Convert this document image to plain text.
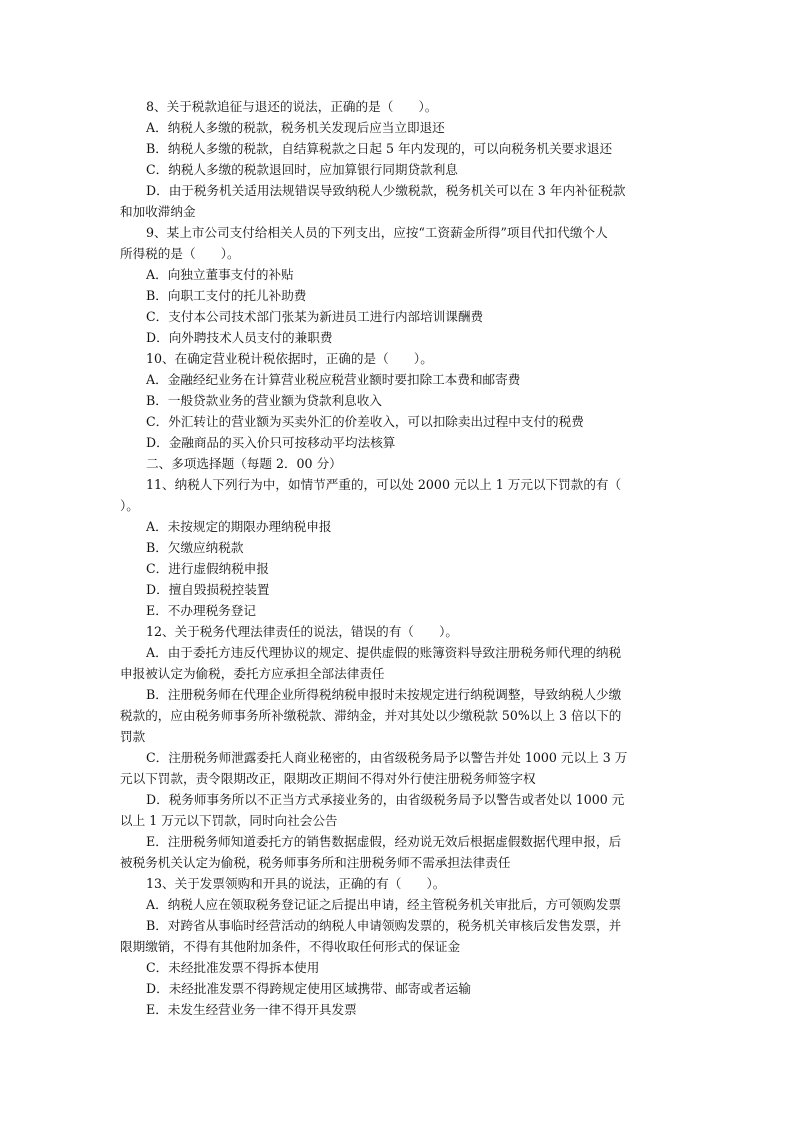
8、关于税款追征与退还的说法，正确的是（　　）。
A．纳税人多缴的税款，税务机关发现后应当立即退还
B．纳税人多缴的税款，自结算税款之日起 5 年内发现的，可以向税务机关要求退还
C．纳税人多缴的税款退回时，应加算银行同期贷款利息
D．由于税务机关适用法规错误导致纳税人少缴税款，税务机关可以在 3 年内补征税款
和加收滞纳金
9、某上市公司支付给相关人员的下列支出，应按“工资薪金所得”项目代扣代缴个人
所得税的是（　　）。
A．向独立董事支付的补贴
B．向职工支付的托儿补助费
C．支付本公司技术部门张某为新进员工进行内部培训课酬费
D．向外聘技术人员支付的兼职费
10、在确定营业税计税依据时，正确的是（　　）。
A．金融经纪业务在计算营业税应税营业额时要扣除工本费和邮寄费
B．一般贷款业务的营业额为贷款利息收入
C．外汇转让的营业额为买卖外汇的价差收入，可以扣除卖出过程中支付的税费
D．金融商品的买入价只可按移动平均法核算
二、多项选择题（每题 2．00 分）
11、纳税人下列行为中，如情节严重的，可以处 2000 元以上 1 万元以下罚款的有（
）。
A．未按规定的期限办理纳税申报
B．欠缴应纳税款
C．进行虚假纳税申报
D．擅自毁损税控装置
E．不办理税务登记
12、关于税务代理法律责任的说法，错误的有（　　）。
A．由于委托方违反代理协议的规定、提供虚假的账簿资料导致注册税务师代理的纳税
申报被认定为偷税，委托方应承担全部法律责任
B．注册税务师在代理企业所得税纳税申报时未按规定进行纳税调整，导致纳税人少缴
税款的，应由税务师事务所补缴税款、滞纳金，并对其处以少缴税款 50%以上 3 倍以下的
罚款
C．注册税务师泄露委托人商业秘密的，由省级税务局予以警告并处 1000 元以上 3 万
元以下罚款，责令限期改正，限期改正期间不得对外行使注册税务师签字权
D．税务师事务所以不正当方式承接业务的，由省级税务局予以警告或者处以 1000 元
以上 1 万元以下罚款，同时向社会公告
E．注册税务师知道委托方的销售数据虚假，经劝说无效后根据虚假数据代理申报，后
被税务机关认定为偷税，税务师事务所和注册税务师不需承担法律责任
13、关于发票领购和开具的说法，正确的有（　　）。
A．纳税人应在领取税务登记证之后提出申请，经主管税务机关审批后，方可领购发票
B．对跨省从事临时经营活动的纳税人申请领购发票的，税务机关审核后发售发票，并
限期缴销，不得有其他附加条件，不得收取任何形式的保证金
C．未经批准发票不得拆本使用
D．未经批准发票不得跨规定使用区域携带、邮寄或者运输
E．未发生经营业务一律不得开具发票
